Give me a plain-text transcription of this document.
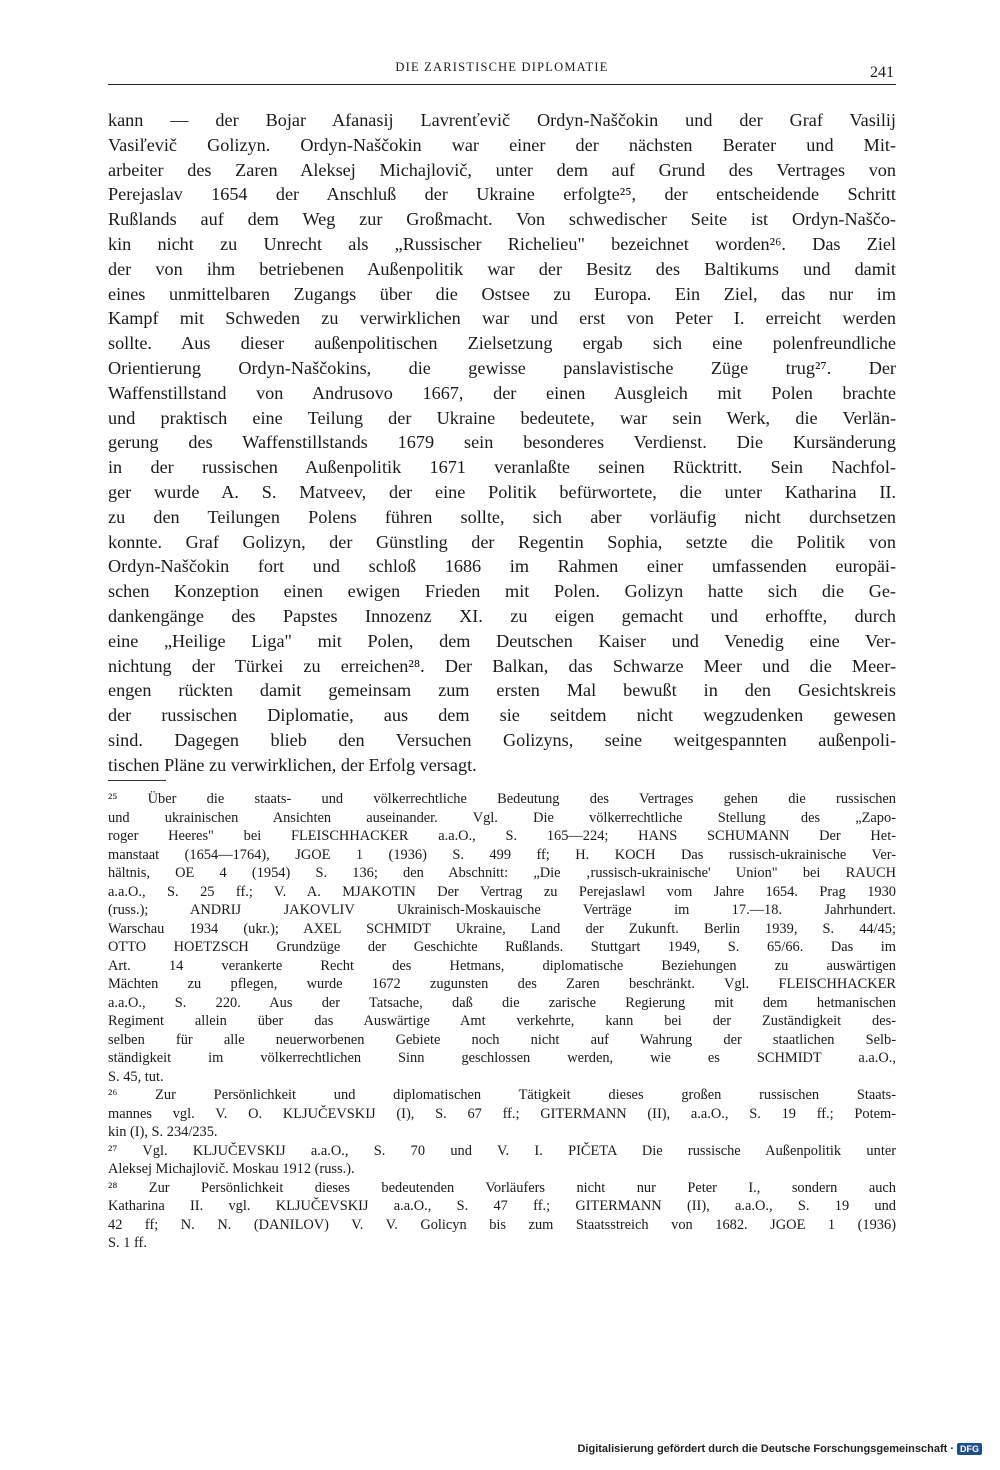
DIE ZARISTISCHE DIPLOMATIE	241
kann — der Bojar Afanasij Lavrenťevič Ordyn-Naščokin und der Graf Vasilij
Vasiľevič Golizyn. Ordyn-Naščokin war einer der nächsten Berater und Mit-
arbeiter des Zaren Aleksej Michajlovič, unter dem auf Grund des Vertrages von
Perejaslav 1654 der Anschluß der Ukraine erfolgte²⁵, der entscheidende Schritt
Rußlands auf dem Weg zur Großmacht. Von schwedischer Seite ist Ordyn-Naščo-
kin nicht zu Unrecht als „Russischer Richelieu" bezeichnet worden²⁶. Das Ziel
der von ihm betriebenen Außenpolitik war der Besitz des Baltikums und damit
eines unmittelbaren Zugangs über die Ostsee zu Europa. Ein Ziel, das nur im
Kampf mit Schweden zu verwirklichen war und erst von Peter I. erreicht werden
sollte. Aus dieser außenpolitischen Zielsetzung ergab sich eine polenfreundliche
Orientierung Ordyn-Naščokins, die gewisse panslavistische Züge trug²⁷. Der
Waffenstillstand von Andrusovo 1667, der einen Ausgleich mit Polen brachte
und praktisch eine Teilung der Ukraine bedeutete, war sein Werk, die Verlän-
gerung des Waffenstillstands 1679 sein besonderes Verdienst. Die Kursänderung
in der russischen Außenpolitik 1671 veranlaßte seinen Rücktritt. Sein Nachfol-
ger wurde A. S. Matveev, der eine Politik befürwortete, die unter Katharina II.
zu den Teilungen Polens führen sollte, sich aber vorläufig nicht durchsetzen
konnte. Graf Golizyn, der Günstling der Regentin Sophia, setzte die Politik von
Ordyn-Naščokin fort und schloß 1686 im Rahmen einer umfassenden europäi-
schen Konzeption einen ewigen Frieden mit Polen. Golizyn hatte sich die Ge-
dankengänge des Papstes Innozenz XI. zu eigen gemacht und erhoffte, durch
eine „Heilige Liga" mit Polen, dem Deutschen Kaiser und Venedig eine Ver-
nichtung der Türkei zu erreichen²⁸. Der Balkan, das Schwarze Meer und die Meer-
engen rückten damit gemeinsam zum ersten Mal bewußt in den Gesichtskreis
der russischen Diplomatie, aus dem sie seitdem nicht wegzudenken gewesen
sind. Dagegen blieb den Versuchen Golizyns, seine weitgespannten außenpoli-
tischen Pläne zu verwirklichen, der Erfolg versagt.
²⁵ Über die staats- und völkerrechtliche Bedeutung des Vertrages gehen die russischen
und ukrainischen Ansichten auseinander. Vgl. Die völkerrechtliche Stellung des „Zapo-
roger Heeres" bei FLEISCHHACKER a.a.O., S. 165—224; HANS SCHUMANN Der Het-
manstaat (1654—1764), JGOE 1 (1936) S. 499 ff; H. KOCH Das russisch-ukrainische Ver-
hältnis, OE 4 (1954) S. 136; den Abschnitt: „Die ‚russisch-ukrainische' Union" bei RAUCH
a.a.O., S. 25 ff.; V. A. MJAKOTIN Der Vertrag zu Perejaslawl vom Jahre 1654. Prag 1930
(russ.); ANDRIJ JAKOVLIV Ukrainisch-Moskauische Verträge im 17.—18. Jahrhundert.
Warschau 1934 (ukr.); AXEL SCHMIDT Ukraine, Land der Zukunft. Berlin 1939, S. 44/45;
OTTO HOETZSCH Grundzüge der Geschichte Rußlands. Stuttgart 1949, S. 65/66. Das im
Art. 14 verankerte Recht des Hetmans, diplomatische Beziehungen zu auswärtigen
Mächten zu pflegen, wurde 1672 zugunsten des Zaren beschränkt. Vgl. FLEISCHHACKER
a.a.O., S. 220. Aus der Tatsache, daß die zarische Regierung mit dem hetmanischen
Regiment allein über das Auswärtige Amt verkehrte, kann bei der Zuständigkeit des-
selben für alle neuerworbenen Gebiete noch nicht auf Wahrung der staatlichen Selb-
ständigkeit im völkerrechtlichen Sinn geschlossen werden, wie es SCHMIDT a.a.O.,
S. 45, tut.
²⁶ Zur Persönlichkeit und diplomatischen Tätigkeit dieses großen russischen Staats-
mannes vgl. V. O. KLJUČEVSKIJ (I), S. 67 ff.; GITERMANN (II), a.a.O., S. 19 ff.; Potem-
kin (I), S. 234/235.
²⁷ Vgl. KLJUČEVSKIJ a.a.O., S. 70 und V. I. PIČETA Die russische Außenpolitik unter
Aleksej Michajlovič. Moskau 1912 (russ.).
²⁸ Zur Persönlichkeit dieses bedeutenden Vorläufers nicht nur Peter I., sondern auch
Katharina II. vgl. KLJUČEVSKIJ a.a.O., S. 47 ff.; GITERMANN (II), a.a.O., S. 19 und
42 ff; N. N. (DANILOV) V. V. Golicyn bis zum Staatsstreich von 1682. JGOE 1 (1936)
S. 1 ff.
Digitalisierung gefördert durch die Deutsche Forschungsgemeinschaft · DFG
